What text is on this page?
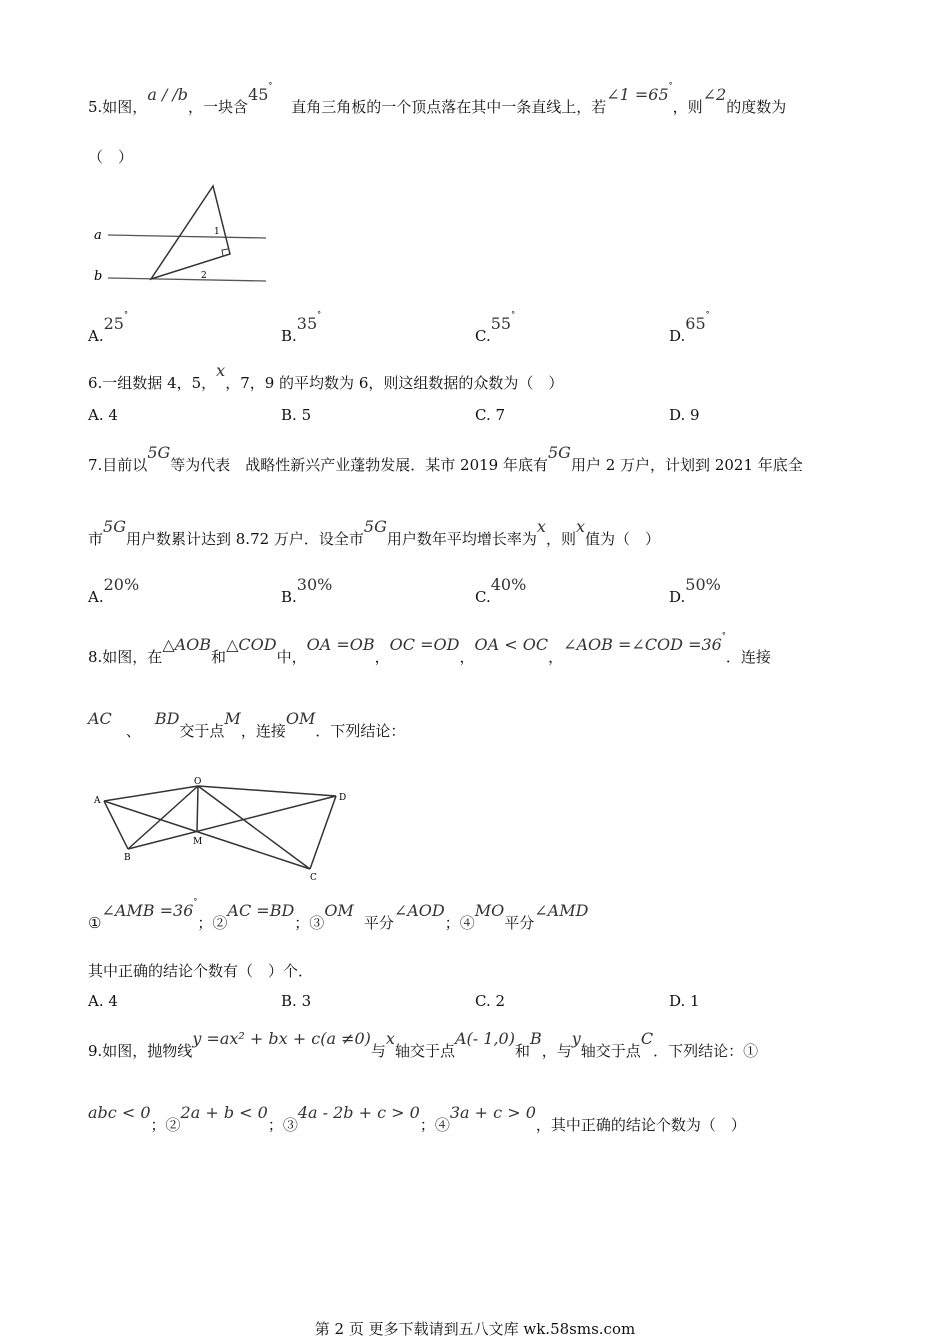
5.如图，a / /b，一块含45° 直角三角板的一个顶点落在其中一条直线上，若∠1 =65°，则∠2的度数为
（　）
a
b
1
2
A.25°
B.35°
C.55°
D.65°
6.一组数据 4，5，x，7，9 的平均数为 6，则这组数据的众数为（　）
A. 4	B. 5	C. 7	D. 9
7.目前以5G等为代表　战略性新兴产业蓬勃发展．某市 2019 年底有5G用户 2 万户，计划到 2021 年底全
市5G用户数累计达到 8.72 万户．设全市5G用户数年平均增长率为x，则x值为（　）
A.20%
B.30%
C.40%
D.50%
8.如图，在△AOB和△COD中，OA =OB，OC =OD，OA < OC，∠AOB =∠COD =36°．连接
AC、BD交于点M，连接OM．下列结论：
O
A	D
B
M
C
①∠AMB =36°；②AC =BD；③OM平分∠AOD；④MO平分∠AMD
其中正确的结论个数有（　）个．
A. 4	B. 3	C. 2	D. 1
9.如图，抛物线y =ax² + bx + c(a ≠0)与x轴交于点A(- 1,0)和B，与y轴交于点C．下列结论：①
abc < 0；②2a + b < 0；③4a - 2b + c > 0；④3a + c > 0，其中正确的结论个数为（　）
第 2 页 更多下载请到五八文库 wk.58sms.com
